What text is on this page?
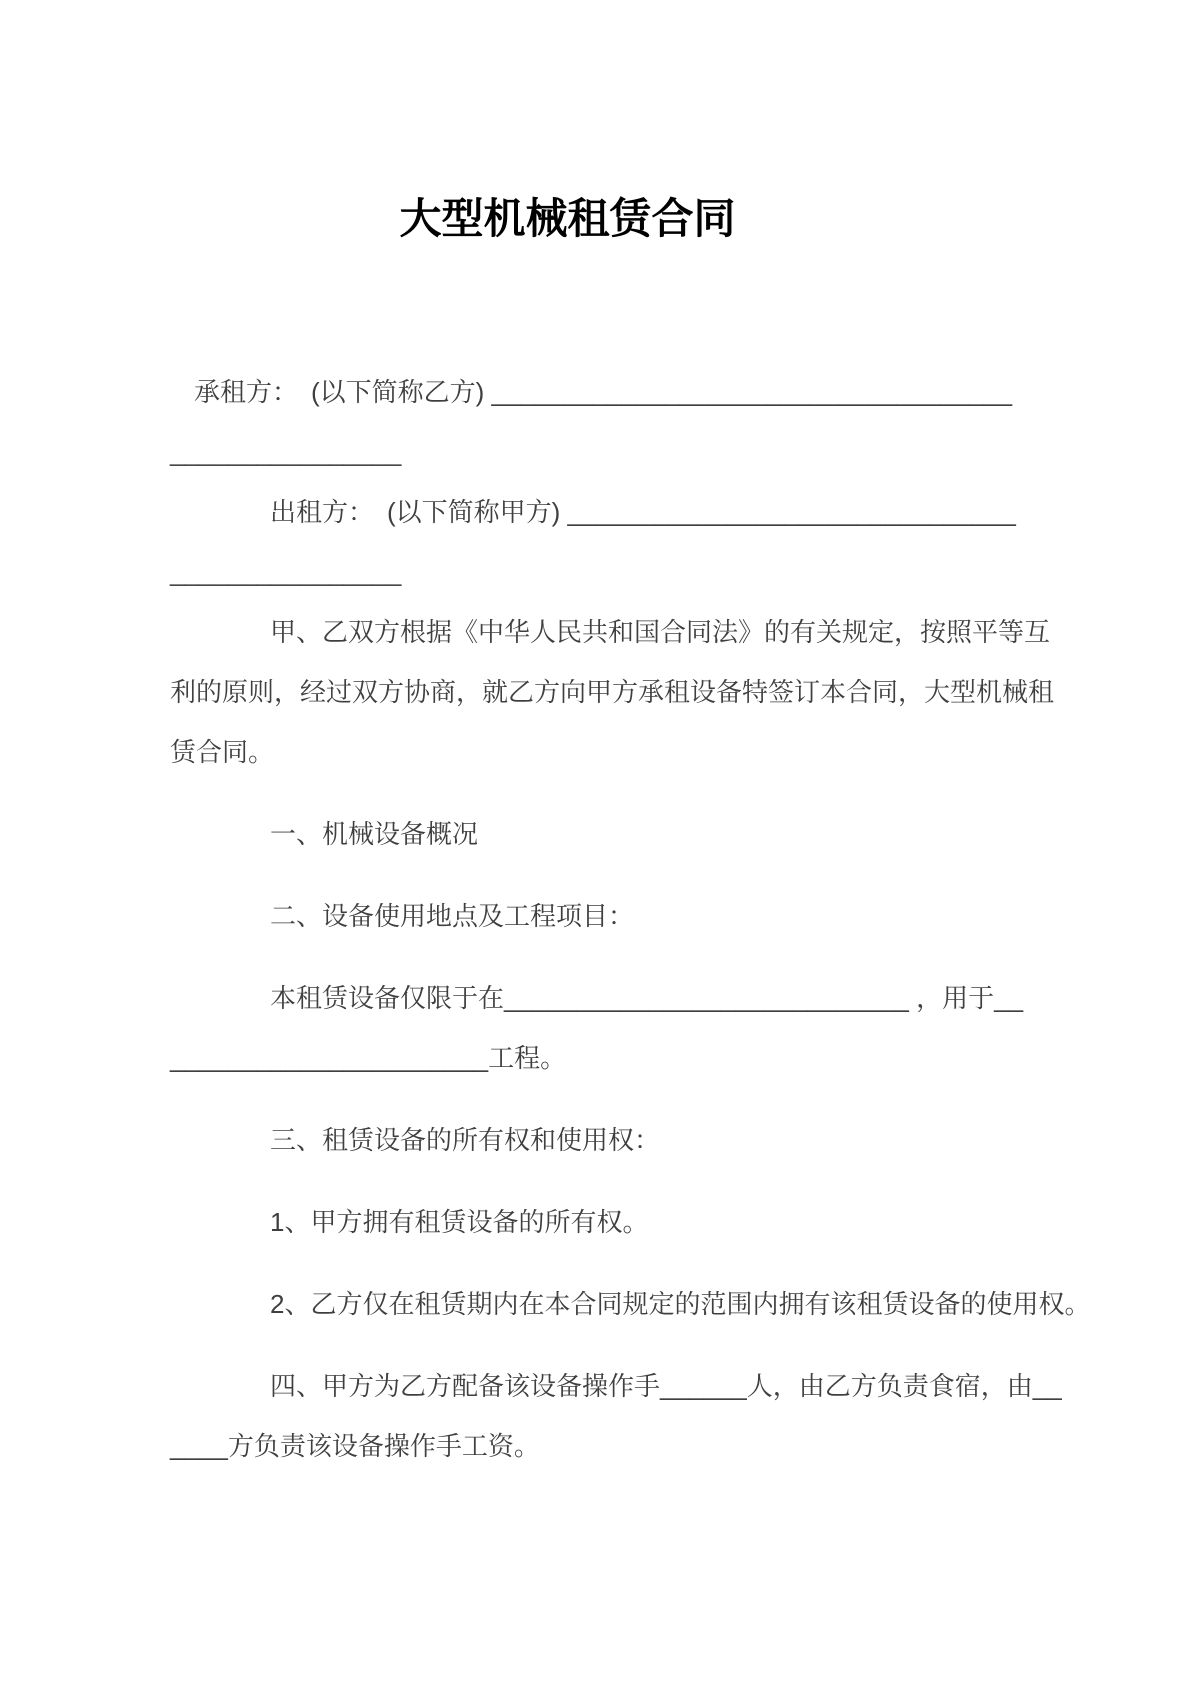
大型机械租赁合同
承租方：　(以下简称乙方) ____________________________________
________________
出租方：　(以下简称甲方) _______________________________
________________
甲、乙双方根据《中华人民共和国合同法》的有关规定，按照平等互
利的原则，经过双方协商，就乙方向甲方承租设备特签订本合同，大型机械租
赁合同。
一、机械设备概况
二、设备使用地点及工程项目：
本租赁设备仅限于在____________________________ ，用于__
______________________工程。
三、租赁设备的所有权和使用权：
1、甲方拥有租赁设备的所有权。
2、乙方仅在租赁期内在本合同规定的范围内拥有该租赁设备的使用权。
四、甲方为乙方配备该设备操作手______人，由乙方负责食宿，由__
____方负责该设备操作手工资。
